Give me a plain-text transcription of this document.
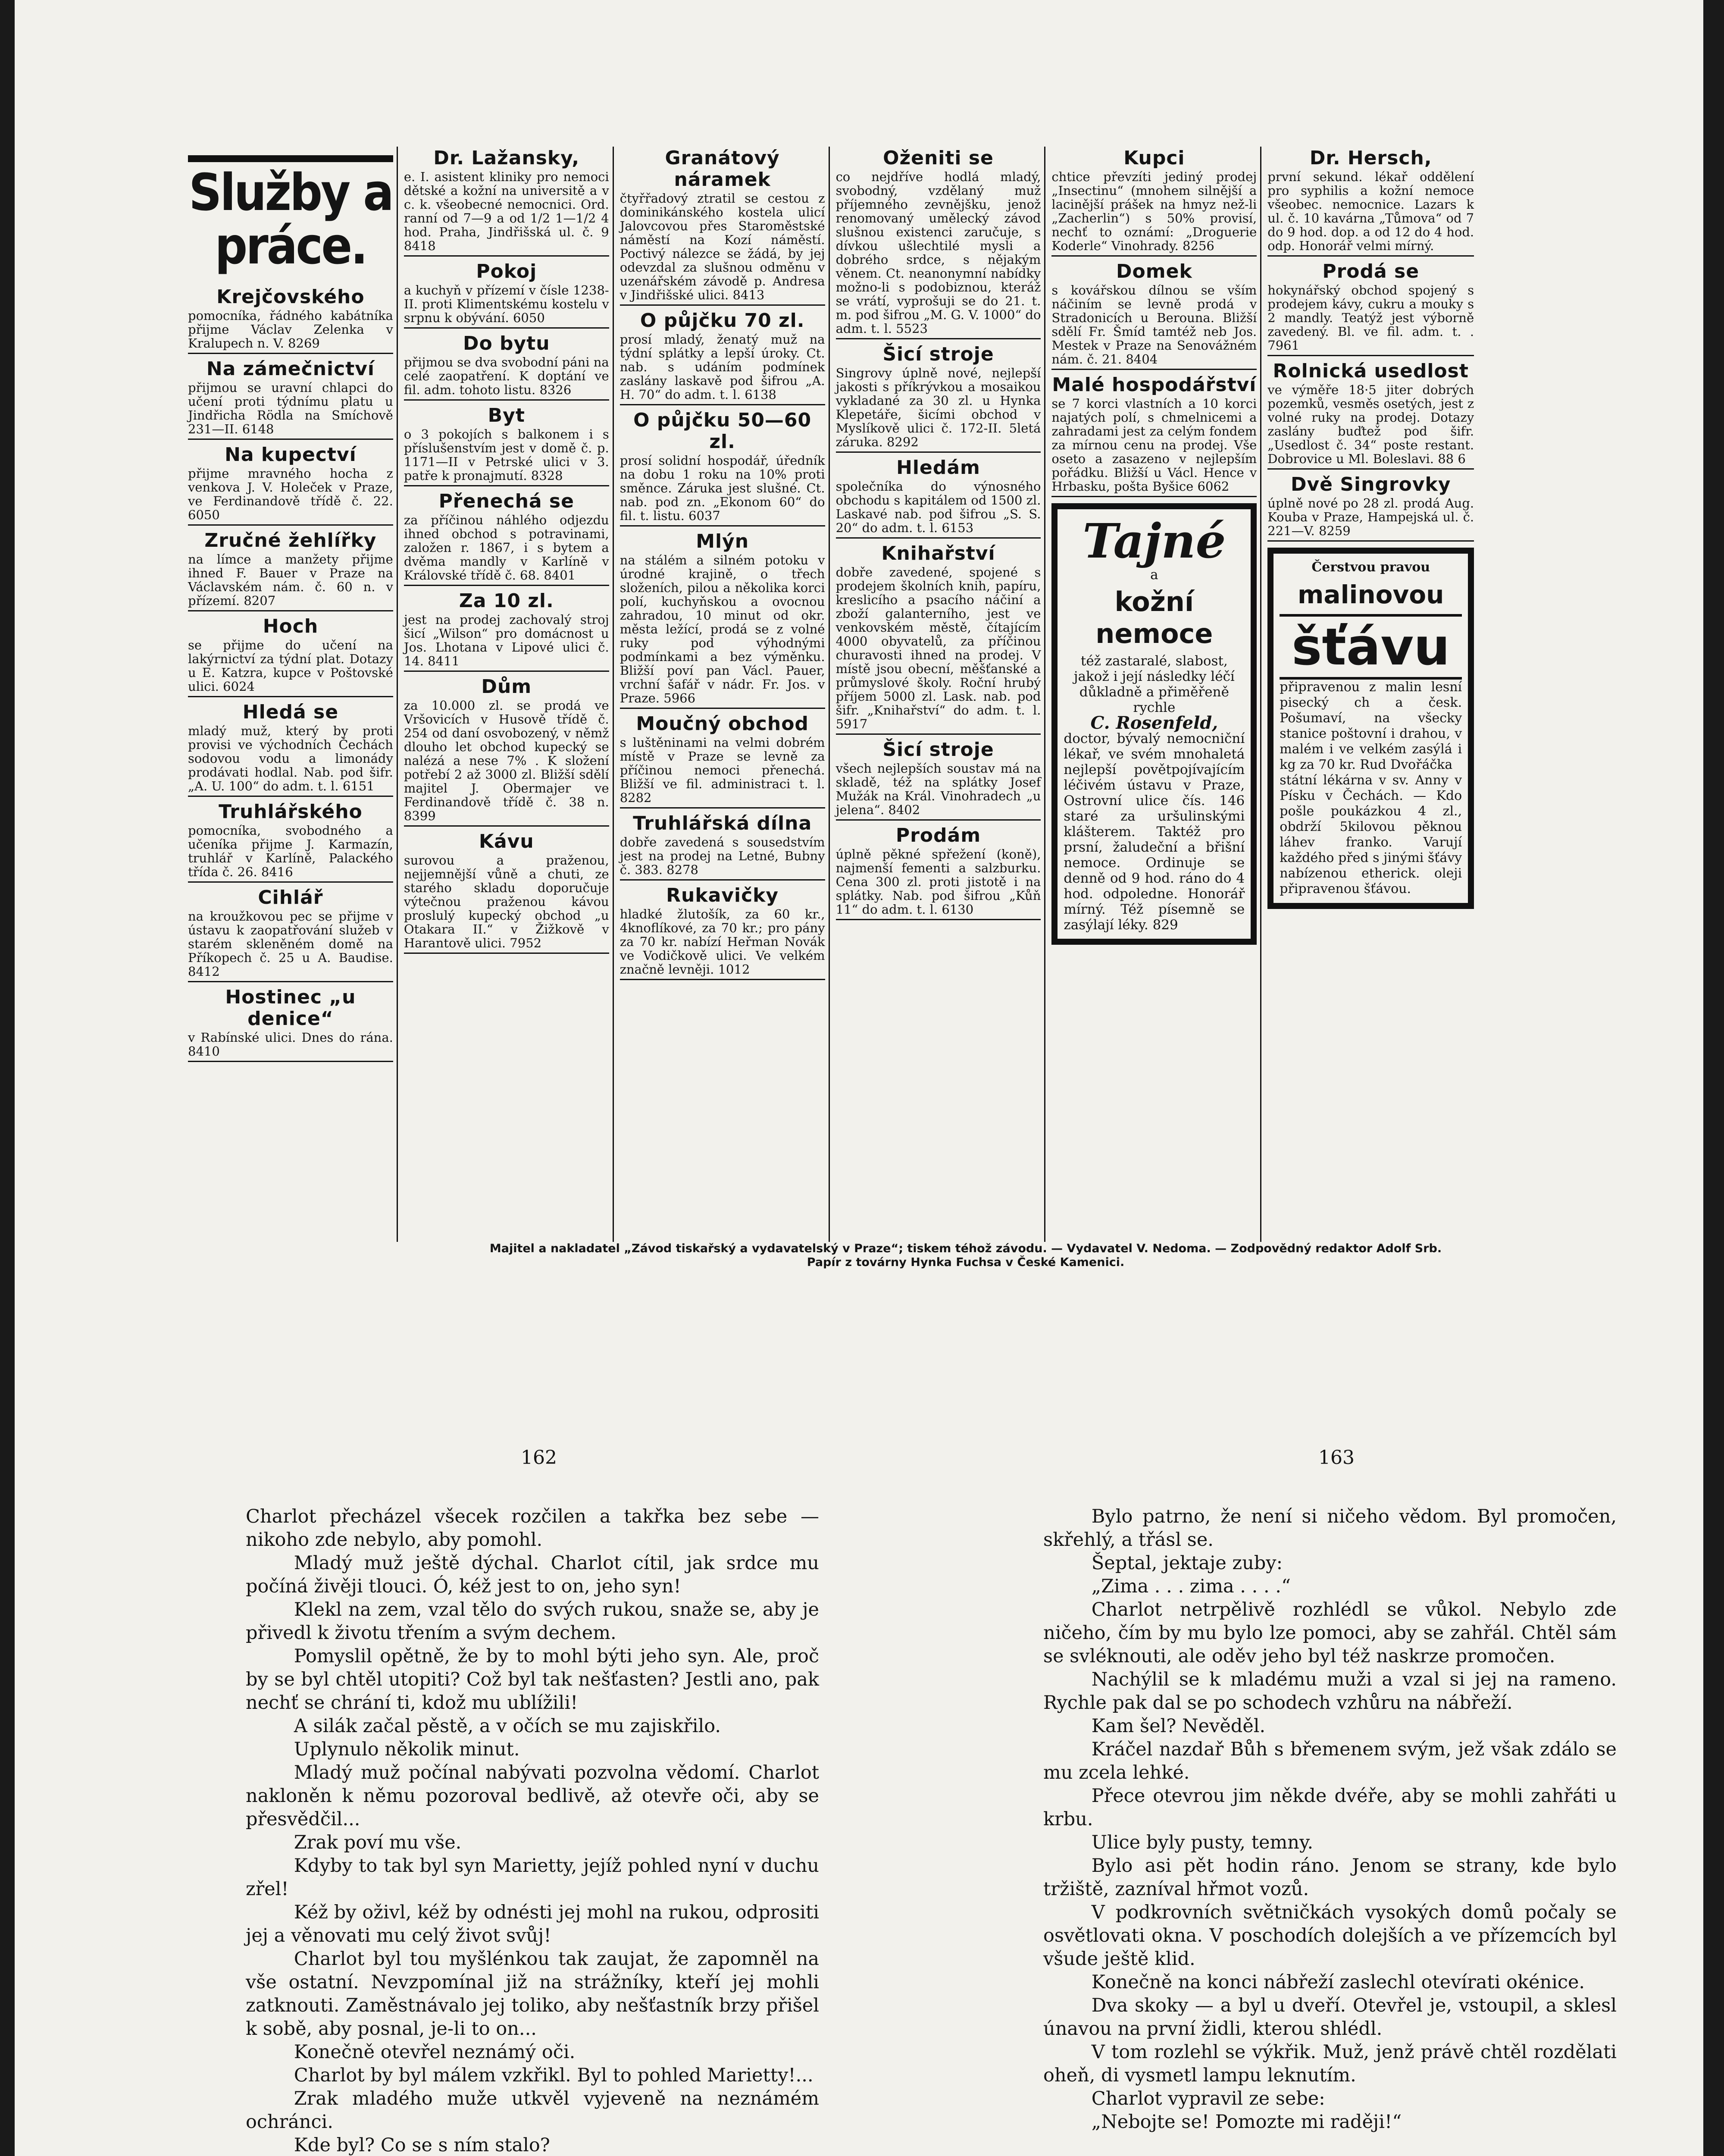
Služby a práce.
Krejčovského

pomocníka, řádného kabátníka přijme Václav Zelenka v Kralupech n. V. 8269

Na zámečnictví

přijmou se uravní chlapci do učení proti týdnímu platu u Jindřicha Rödla na Smíchově 231—II. 6148

Na kupectví

přijme mravného hocha z venkova J. V. Holeček v Praze, ve Ferdinandově třídě č. 22. 6050

Zručné žehlířky

na límce a manžety přijme ihned F. Bauer v Praze na Václavském nám. č. 60 n. v přízemí. 8207

Hoch

se přijme do učení na lakýrnictví za týdní plat. Dotazy u E. Katzra, kupce v Poštovské ulici. 6024

Hledá se

mladý muž, který by proti provisi ve východních Čechách sodovou vodu a limonády prodávati hodlal. Nab. pod šifr. „A. U. 100“ do adm. t. l. 6151

Truhlářského

pomocníka, svobodného a učeníka přijme J. Karmazín, truhlář v Karlíně, Palackého třída č. 26. 8416

Cihlář

na kroužkovou pec se přijme v ústavu k zaopatřování služeb v starém skleněném domě na Příkopech č. 25 u A. Baudise. 8412

Hostinec „u denice“

v Rabínské ulici. Dnes do rána. 8410

Dr. Lažansky,

e. I. asistent kliniky pro nemoci dětské a kožní na universitě a v c. k. všeobecné nemocnici. Ord. ranní od 7—9 a od 1/2 1—1/2 4 hod. Praha, Jindřišská ul. č. 9 8418

Pokoj

a kuchyň v přízemí v čísle 1238-II. proti Klimentskému kostelu v srpnu k obývání. 6050

Do bytu

přijmou se dva svobodní páni na celé zaopatření. K doptání ve fil. adm. tohoto listu. 8326

Byt

o 3 pokojích s balkonem i s příslušenstvím jest v domě č. p. 1171—II v Petrské ulici v 3. patře k pronajmutí. 8328

Přenechá se

za příčinou náhlého odjezdu ihned obchod s potravinami, založen r. 1867, i s bytem a dvěma mandly v Karlíně v Královské třídě č. 68. 8401

Za 10 zl.

jest na prodej zachovalý stroj šicí „Wilson“ pro domácnost u Jos. Lhotana v Lipové ulici č. 14. 8411

Dům

za 10.000 zl. se prodá ve Vršovicích v Husově třídě č. 254 od daní osvobozený, v němž dlouho let obchod kupecký se nalézá a nese 7% . K složení potřebí 2 až 3000 zl. Bližší sdělí majitel J. Obermajer ve Ferdinandově třídě č. 38 n. 8399

Kávu

surovou a praženou, nejjemnější vůně a chuti, ze starého skladu doporučuje výtečnou praženou kávou proslulý kupecký obchod „u Otakara II.“ v Žižkově v Harantově ulici. 7952

Granátový náramek

čtyřřadový ztratil se cestou z dominikánského kostela ulicí Jalovcovou přes Staroměstské náměstí na Kozí náměstí. Poctivý nálezce se žádá, by jej odevzdal za slušnou odměnu v uzenářském závodě p. Andresa v Jindřišské ulici. 8413

O půjčku 70 zl.

prosí mladý, ženatý muž na týdní splátky a lepší úroky. Ct. nab. s udáním podmínek zaslány laskavě pod šifrou „A. H. 70“ do adm. t. l. 6138

O půjčku 50—60 zl.

prosí solidní hospodář, úředník na dobu 1 roku na 10% proti směnce. Záruka jest slušné. Ct. nab. pod zn. „Ekonom 60“ do fil. t. listu. 6037

Mlýn

na stálém a silném potoku v úrodné krajině, o třech složeních, pilou a několika korci polí, kuchyňskou a ovocnou zahradou, 10 minut od okr. města ležící, prodá se z volné ruky pod výhodnými podmínkami a bez výměnku. Bližší poví pan Václ. Pauer, vrchní šafář v nádr. Fr. Jos. v Praze. 5966

Moučný obchod

s luštěninami na velmi dobrém místě v Praze se levně za příčinou nemoci přenechá. Bližší ve fil. administraci t. l. 8282

Truhlářská dílna

dobře zavedená s sousedstvím jest na prodej na Letné, Bubny č. 383. 8278

Rukavičky

hladké žlutošík, za 60 kr., 4knoflíkové, za 70 kr.; pro pány za 70 kr. nabízí Heřman Novák ve Vodičkově ulici. Ve velkém značně levněji. 1012

Oženiti se

co nejdříve hodlá mladý, svobodný, vzdělaný muž příjemného zevnějšku, jenož renomovaný umělecký závod slušnou existenci zaručuje, s dívkou ušlechtilé mysli a dobrého srdce, s nějakým věnem. Ct. neanonymní nabídky možno-li s podobiznou, kteráž se vrátí, vyprošuji se do 21. t. m. pod šifrou „M. G. V. 1000“ do adm. t. l. 5523

Šicí stroje

Singrovy úplně nové, nejlepší jakosti s příkrývkou a mosaikou vykladané za 30 zl. u Hynka Klepetáře, šicími obchod v Myslíkově ulici č. 172-II. 5letá záruka. 8292

Hledám

společníka do výnosného obchodu s kapitálem od 1500 zl. Laskavé nab. pod šifrou „S. S. 20“ do adm. t. l. 6153

Knihařství

dobře zavedené, spojené s prodejem školních knih, papíru, kreslicího a psacího náčiní a zboží galanterního, jest ve venkovském městě, čítajícím 4000 obyvatelů, za příčinou churavosti ihned na prodej. V místě jsou obecní, měšťanské a průmyslové školy. Roční hrubý příjem 5000 zl. Lask. nab. pod šifr. „Knihařství“ do adm. t. l. 5917

Šicí stroje

všech nejlepších soustav má na skladě, též na splátky Josef Mužák na Král. Vinohradech „u jelena“. 8402

Prodám

úplně pěkné spřežení (koně), najmenší fementi a salzburku. Cena 300 zl. proti jistotě i na splátky. Nab. pod šifrou „Kůň 11“ do adm. t. l. 6130

Kupci

chtice převzíti jediný prodej „Insectinu“ (mnohem silnější a lacinější prášek na hmyz než-li „Zacherlin“) s 50% provisí, nechť to oznámí: „Droguerie Koderle“ Vinohrady. 8256

Domek

s kovářskou dílnou se vším náčiním se levně prodá v Stradonicích u Berouna. Bližší sdělí Fr. Šmíd tamtéž neb Jos. Mestek v Praze na Senovážném nám. č. 21. 8404

Malé hospodářství

se 7 korci vlastních a 10 korci najatých polí, s chmelnicemi a zahradami jest za celým fondem za mírnou cenu na prodej. Vše osetо a zasazeno v nejlepším pořádku. Bližší u Václ. Hence v Hrbasku, pošta Byšice 6062

Tajné
a
kožní nemoce
též zastaralé, slabost, jakož i její následky léčí důkladně a přiměřeně rychle
C. Rosenfeld,
doctor, bývalý nemocniční lékař, ve svém mnohaletá nejlepší povětpojívajícím léčivém ústavu v Praze, Ostrovní ulice čís. 146 staré za uršulinskými klášterem. Taktéž pro prsní, žaludeční a břišní nemoce. Ordinuje se denně od 9 hod. ráno do 4 hod. odpoledne. Honorář mírný. Též písemně se zasýlají léky. 829
Dr. Hersch,

první sekund. lékař oddělení pro syphilis a kožní nemoce všeobec. nemocnice. Lazars k ul. č. 10 kavárna „Tůmova“ od 7 do 9 hod. dop. a od 12 do 4 hod. odp. Honorář velmi mírný.

Prodá se

hokynářský obchod spojený s prodejem kávy, cukru a mouky s 2 mandly. Teatýž jest výborně zavedený. Bl. ve fil. adm. t. . 7961

Rolnická usedlost

ve výměře 18·5 jiter dobrých pozemků, vesměs osetých, jest z volné ruky na prodej. Dotazy zaslány buďtež pod šifr. „Usedlost č. 34“ poste restant. Dobrovice u Ml. Boleslavi. 88 6

Dvě Singrovky

úplně nové po 28 zl. prodá Aug. Kouba v Praze, Hampejská ul. č. 221—V. 8259

Čerstvou pravou
malinovou
šťávu
připravenou z malin lesní pisecký ch a česk. Pošumaví, na všecky stanice poštovní i drahou, v malém i ve velkém zasýlá i kg za 70 kr. Rud Dvořáčka
státní lékárna v sv. Anny v Písku v Čechách. — Kdo pošle poukázkou 4 zl., obdrží 5kilovou pěknou láhev franko. Varují každého před s jinými šťávy nabízenou etherick. oleji připravenou šťávou.
Majitel a nakladatel „Závod tiskařský a vydavatelský v Praze“; tiskem téhož závodu. — Vydavatel V. Nedoma. — Zodpovědný redaktor Adolf Srb.
Papír z továrny Hynka Fuchsa v České Kamenici.
162	163

Charlot přecházel všecek rozčilen a takřka bez sebe — nikoho zde nebylo, aby pomohl.

Mladý muž ještě dýchal. Charlot cítil, jak srdce mu počíná živěji tlouci. Ó, kéž jest to on, jeho syn!

Klekl na zem, vzal tělo do svých rukou, snaže se, aby je přivedl k životu třením a svým dechem.

Pomyslil opětně, že by to mohl býti jeho syn. Ale, proč by se byl chtěl utopiti? Což byl tak nešťasten? Jestli ano, pak nechť se chrání ti, kdož mu ublížili!

A silák začal pěstě, a v očích se mu zajiskřilo.

Uplynulo několik minut.

Mladý muž počínal nabývati pozvolna vědomí. Charlot nakloněn k němu pozoroval bedlivě, až otevře oči, aby se přesvědčil...

Zrak poví mu vše.

Kdyby to tak byl syn Marietty, jejíž pohled nyní v duchu zřel!

Kéž by oživl, kéž by odnésti jej mohl na rukou, odprositi jej a věnovati mu celý život svůj!

Charlot byl tou myšlénkou tak zaujat, že zapomněl na vše ostatní. Nevzpomínal již na strážníky, kteří jej mohli zatknouti. Zaměstnávalo jej toliko, aby nešťastník brzy přišel k sobě, aby posnal, je-li to on...

Konečně otevřel neznámý oči.

Charlot by byl málem vzkřikl. Byl to pohled Marietty!...

Zrak mladého muže utkvěl vyjeveně na neznámém ochránci.

Kde byl? Co se s ním stalo?

Bylo patrno, že není si ničeho vědom. Byl promočen, skřehlý, a třásl se.

Šeptal, jektaje zuby:

„Zima . . . zima . . . .“

Charlot netrpělivě rozhlédl se vůkol. Nebylo zde ničeho, čím by mu bylo lze pomoci, aby se zahřál. Chtěl sám se svléknouti, ale oděv jeho byl též naskrze promočen.

Nachýlil se k mladému muži a vzal si jej na rameno. Rychle pak dal se po schodech vzhůru na nábřeží.

Kam šel? Nevěděl.

Kráčel nazdař Bůh s břemenem svým, jež však zdálo se mu zcela lehké.

Přece otevrou jim někde dvéře, aby se mohli zahřáti u krbu.

Ulice byly pusty, temny.

Bylo asi pět hodin ráno. Jenom se strany, kde bylo tržiště, zazníval hřmot vozů.

V podkrovních světničkách vysokých domů počaly se osvětlovati okna. V poschodích dolejších a ve přízemcích byl všude ještě klid.

Konečně na konci nábřeží zaslechl otevírati okénice.

Dva skoky — a byl u dveří. Otevřel je, vstoupil, a sklesl únavou na první židli, kterou shlédl.

V tom rozlehl se výkřik. Muž, jenž právě chtěl rozdělati oheň, di vysmetl lampu leknutím.

Charlot vypravil ze sebe:

„Nebojte se! Pomozte mi raději!“
